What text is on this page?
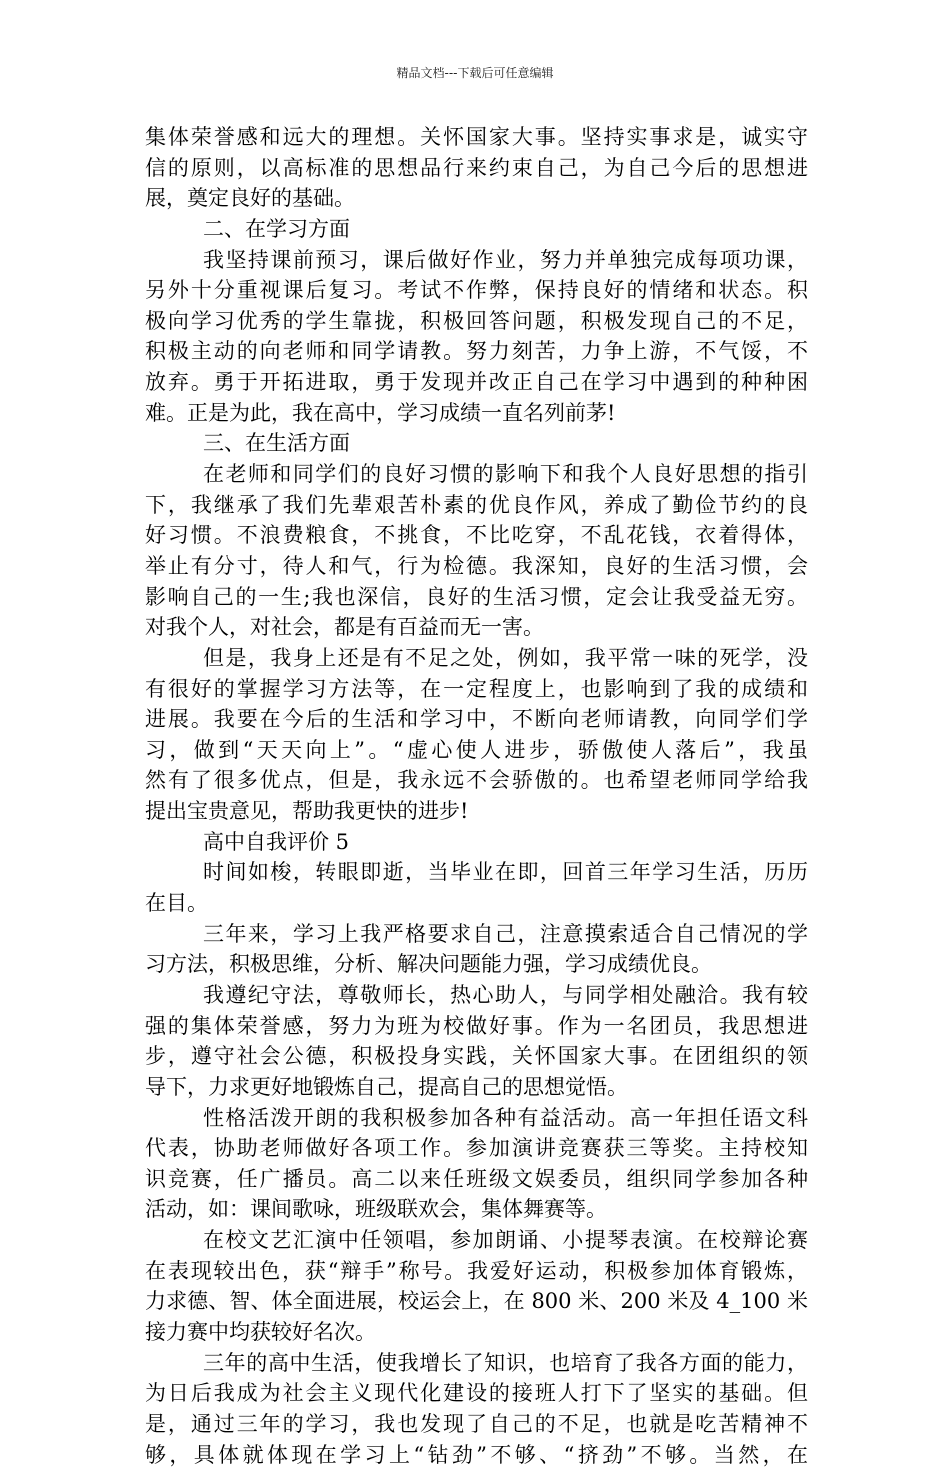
精品文档---下载后可任意编辑
集体荣誉感和远大的理想。关怀国家大事。坚持实事求是，诚实守
信的原则，以高标准的思想品行来约束自己，为自己今后的思想进
展，奠定良好的基础。
二、在学习方面
我坚持课前预习，课后做好作业，努力并单独完成每项功课，
另外十分重视课后复习。考试不作弊，保持良好的情绪和状态。积
极向学习优秀的学生靠拢，积极回答问题，积极发现自己的不足，
积极主动的向老师和同学请教。努力刻苦，力争上游，不气馁，不
放弃。勇于开拓进取，勇于发现并改正自己在学习中遇到的种种困
难。正是为此，我在高中，学习成绩一直名列前茅!
三、在生活方面
在老师和同学们的良好习惯的影响下和我个人良好思想的指引
下，我继承了我们先辈艰苦朴素的优良作风，养成了勤俭节约的良
好习惯。不浪费粮食，不挑食，不比吃穿，不乱花钱，衣着得体，
举止有分寸，待人和气，行为检德。我深知，良好的生活习惯，会
影响自己的一生;我也深信，良好的生活习惯，定会让我受益无穷。
对我个人，对社会，都是有百益而无一害。
但是，我身上还是有不足之处，例如，我平常一味的死学，没
有很好的掌握学习方法等，在一定程度上，也影响到了我的成绩和
进展。我要在今后的生活和学习中，不断向老师请教，向同学们学
习，做到“天天向上”。“虚心使人进步，骄傲使人落后”，我虽
然有了很多优点，但是，我永远不会骄傲的。也希望老师同学给我
提出宝贵意见，帮助我更快的进步!
高中自我评价 5
时间如梭，转眼即逝，当毕业在即，回首三年学习生活，历历
在目。
三年来，学习上我严格要求自己，注意摸索适合自己情况的学
习方法，积极思维，分析、解决问题能力强，学习成绩优良。
我遵纪守法，尊敬师长，热心助人，与同学相处融洽。我有较
强的集体荣誉感，努力为班为校做好事。作为一名团员，我思想进
步，遵守社会公德，积极投身实践，关怀国家大事。在团组织的领
导下，力求更好地锻炼自己，提高自己的思想觉悟。
性格活泼开朗的我积极参加各种有益活动。高一年担任语文科
代表，协助老师做好各项工作。参加演讲竞赛获三等奖。主持校知
识竞赛，任广播员。高二以来任班级文娱委员，组织同学参加各种
活动，如：课间歌咏，班级联欢会，集体舞赛等。
在校文艺汇演中任领唱，参加朗诵、小提琴表演。在校辩论赛
在表现较出色，获“辩手”称号。我爱好运动，积极参加体育锻炼，
力求德、智、体全面进展，校运会上，在 800 米、200 米及 4_100 米
接力赛中均获较好名次。
三年的高中生活，使我增长了知识，也培育了我各方面的能力，
为日后我成为社会主义现代化建设的接班人打下了坚实的基础。但
是，通过三年的学习，我也发现了自己的不足，也就是吃苦精神不
够，具体就体现在学习上“钻劲”不够、“挤劲”不够。当然，在
